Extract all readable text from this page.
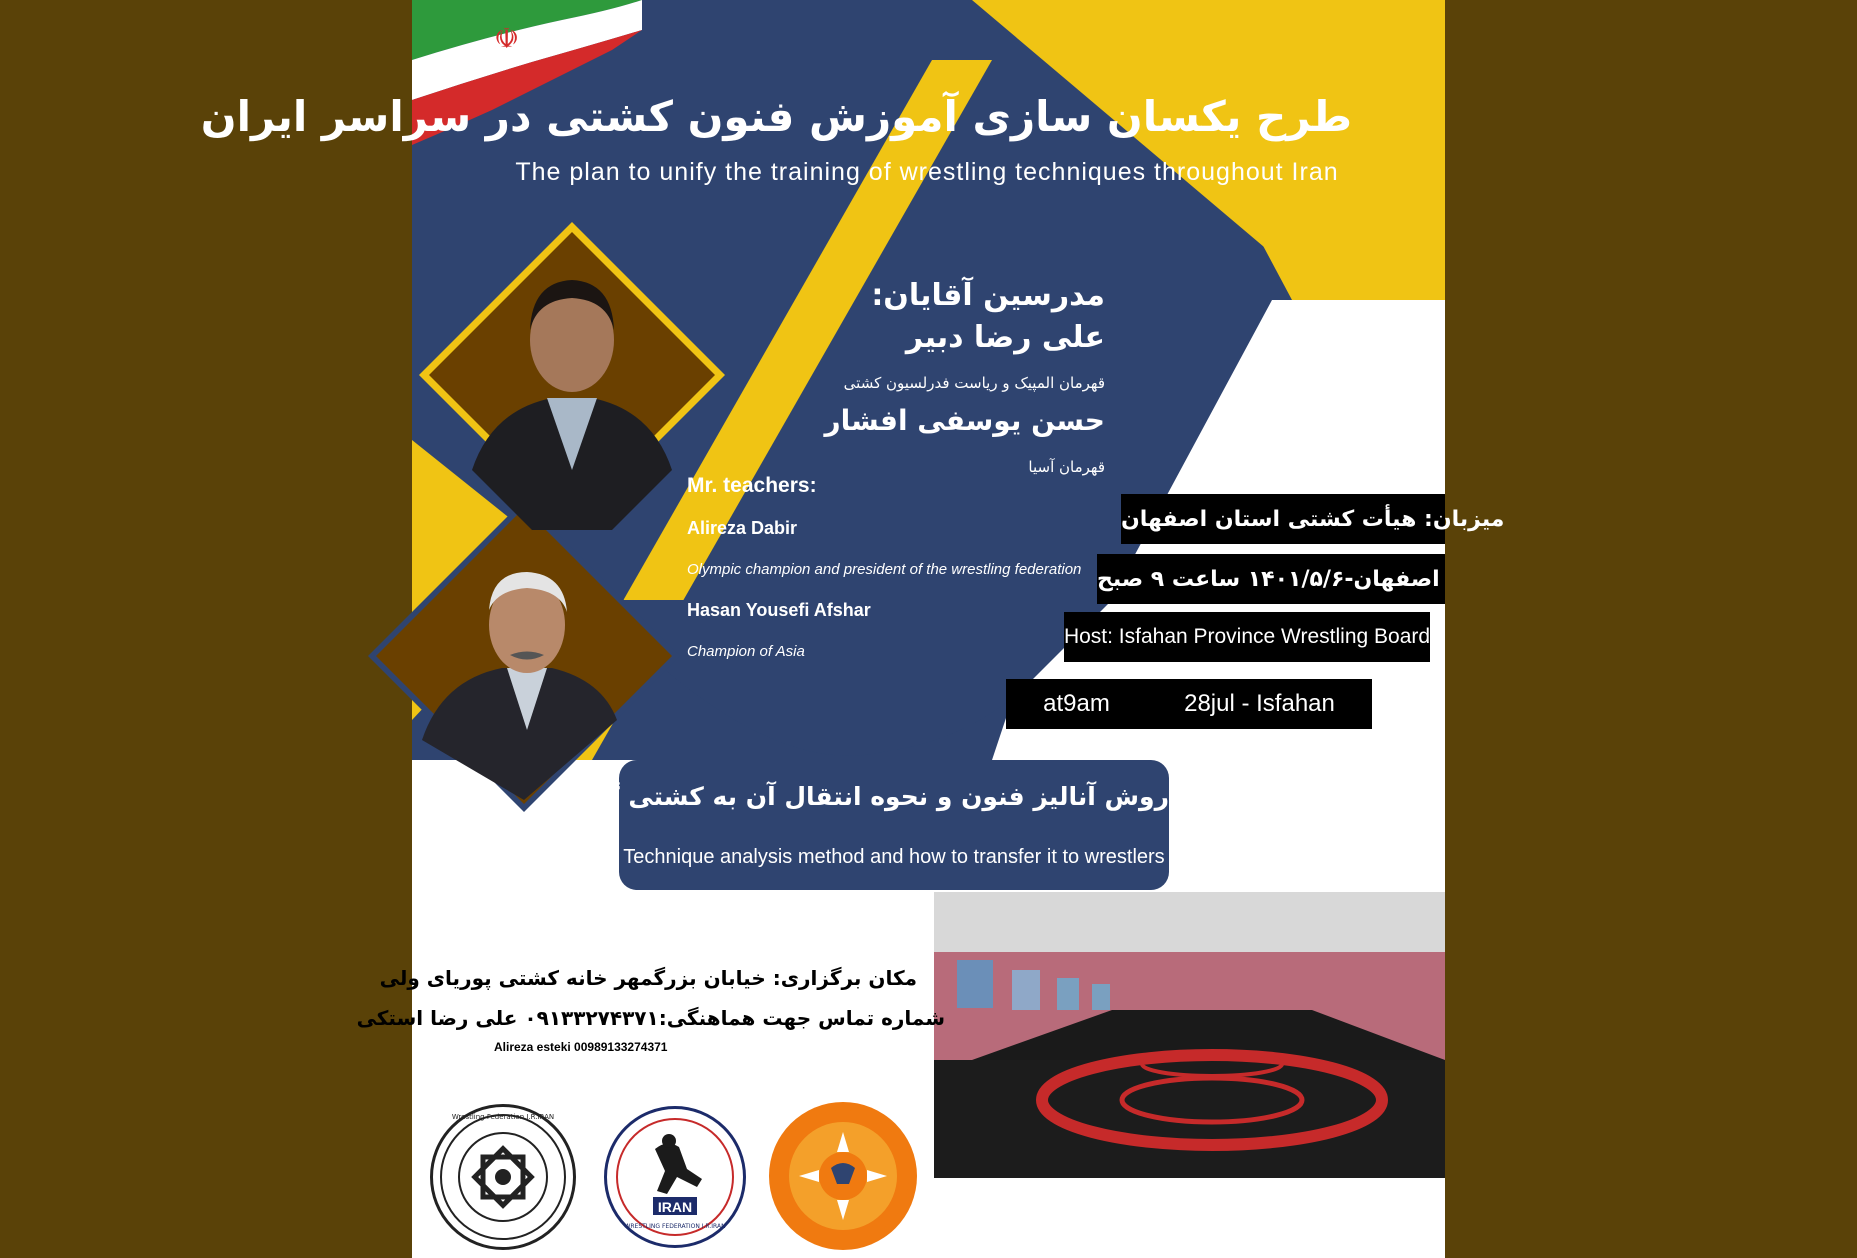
☫
طرح یکسان سازی آموزش فنون کشتی در سراسر ایران
The plan to unify the training of wrestling techniques throughout Iran
مدرسین آقایان:
علی رضا دبیر
قهرمان المپیک و ریاست فدرلسیون کشتی
حسن یوسفی افشار
قهرمان آسیا
Mr. teachers:
Alireza Dabir
Olympic champion and president of the wrestling federation
Hasan Yousefi Afshar
Champion of Asia
میزبان: هیأت کشتی استان اصفهان
اصفهان-۱۴۰۱/۵/۶ ساعت ۹ صبح
Host: Isfahan Province Wrestling Board
at9am	28jul - Isfahan
روش آنالیز فنون و نحوه انتقال آن به کشتی گیران
Technique analysis method and how to transfer it to wrestlers
مکان برگزاری: خیابان بزرگمهر خانه کشتی پوریای ولی
شماره تماس جهت هماهنگی:۰۹۱۳۳۲۷۴۳۷۱ علی رضا استکی
Alireza esteki 00989133274371
Wrestling Federation I.R.IRAN
IRAN
WRESTLING FEDERATION I.R.IRAN
